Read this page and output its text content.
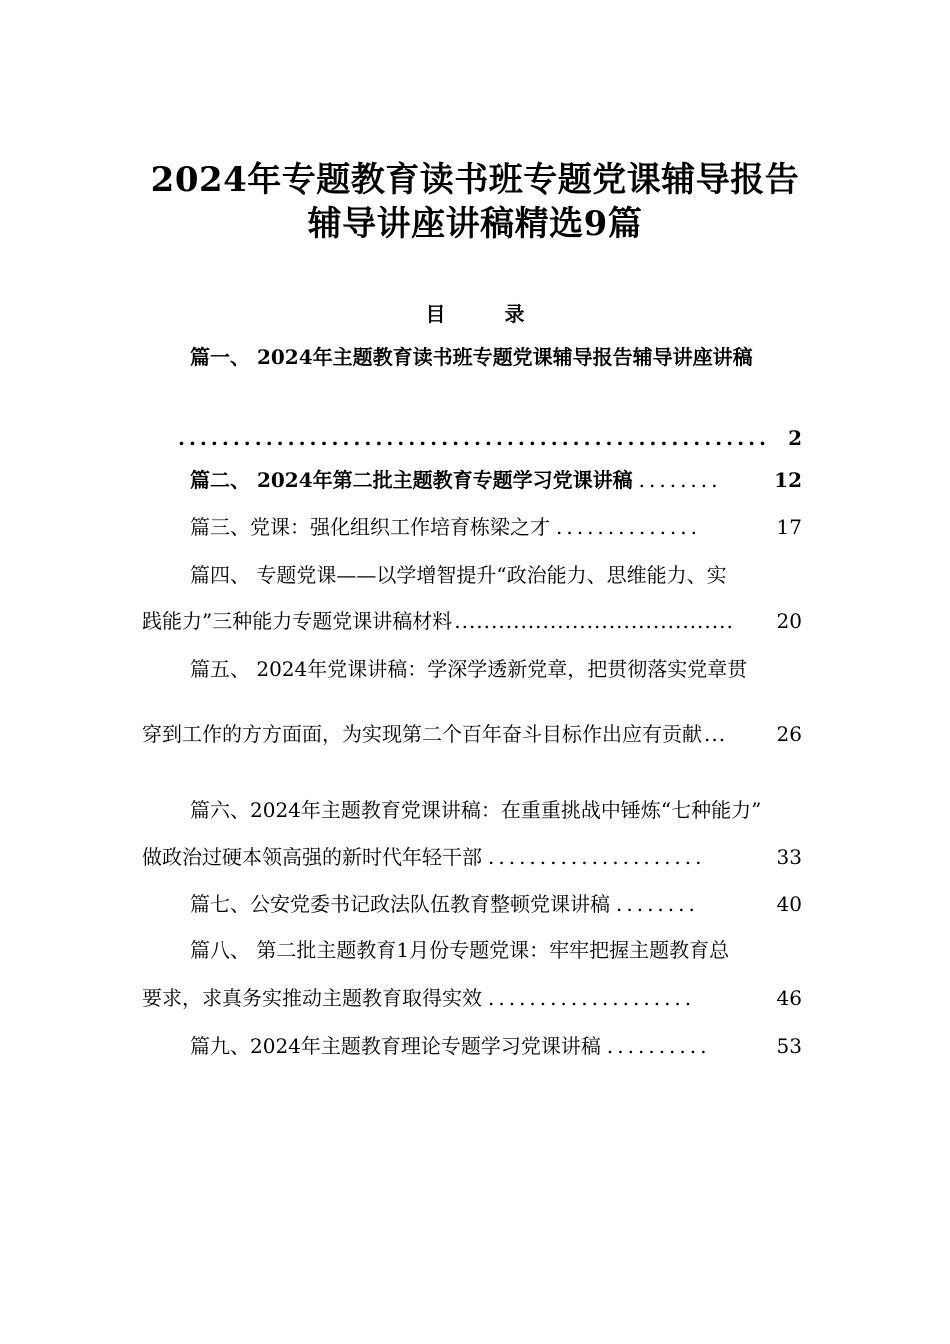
2024年专题教育读书班专题党课辅导报告
辅导讲座讲稿精选9篇
目 录
篇一、 2024年主题教育读书班专题党课辅导报告辅导讲座讲稿
...................................................... 2
篇二、 2024年第二批主题教育专题学习党课讲稿 ........	12
篇三、党课：强化组织工作培育栋梁之才 ..............	17
篇四、 专题党课——以学增智提升“政治能力、思维能力、实
践能力”三种能力专题党课讲稿材料 ......................................	20
篇五、 2024年党课讲稿：学深学透新党章，把贯彻落实党章贯
穿到工作的方方面面，为实现第二个百年奋斗目标作出应有贡献 ...	26
篇六、2024年主题教育党课讲稿：在重重挑战中锤炼“七种能力”
做政治过硬本领高强的新时代年轻干部 .....................	33
篇七、公安党委书记政法队伍教育整顿党课讲稿 ........	40
篇八、 第二批主题教育1月份专题党课：牢牢把握主题教育总
要求，求真务实推动主题教育取得实效 ....................	46
篇九、2024年主题教育理论专题学习党课讲稿 ..........	53
